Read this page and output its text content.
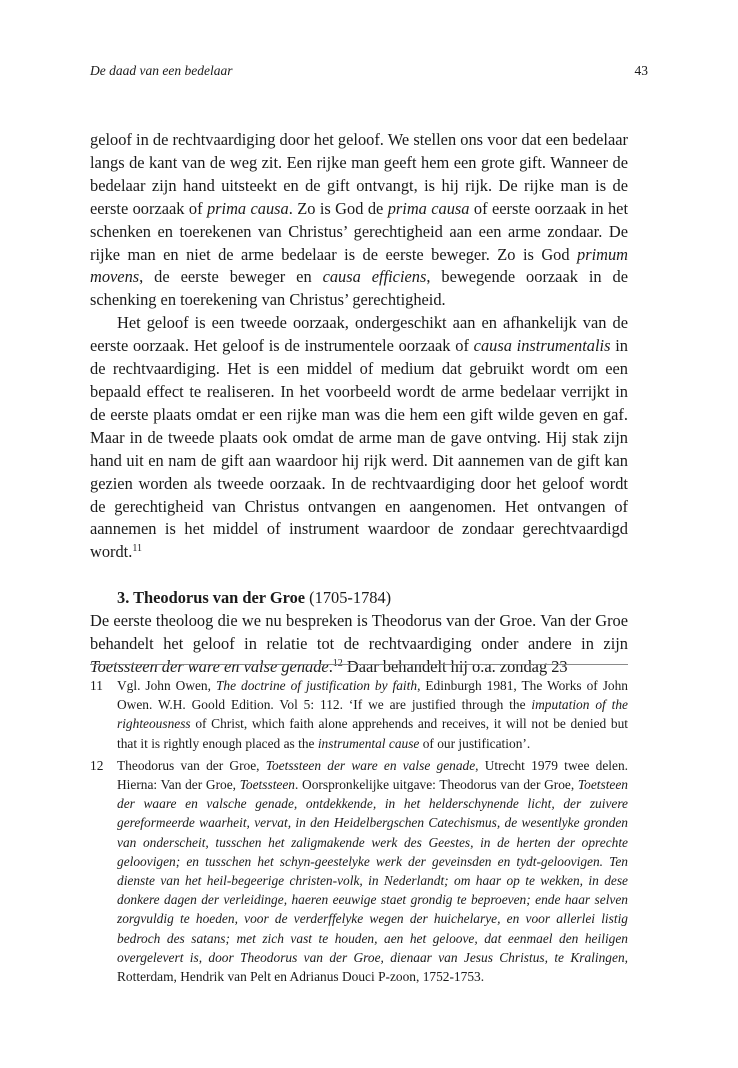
De daad van een bedelaar	43

geloof in de rechtvaardiging door het geloof. We stellen ons voor dat een bedelaar langs de kant van de weg zit. Een rijke man geeft hem een grote gift. Wanneer de bedelaar zijn hand uitsteekt en de gift ontvangt, is hij rijk. De rijke man is de eerste oorzaak of prima causa. Zo is God de prima causa of eerste oorzaak in het schenken en toerekenen van Christus’ gerechtigheid aan een arme zondaar. De rijke man en niet de arme bedelaar is de eerste beweger. Zo is God primum movens, de eerste beweger en causa efficiens, bewegende oorzaak in de schenking en toerekening van Christus’ gerechtigheid.

Het geloof is een tweede oorzaak, ondergeschikt aan en afhankelijk van de eerste oorzaak. Het geloof is de instrumentele oorzaak of causa instrumentalis in de rechtvaardiging. Het is een middel of medium dat gebruikt wordt om een bepaald effect te realiseren. In het voorbeeld wordt de arme bedelaar verrijkt in de eerste plaats omdat er een rijke man was die hem een gift wilde geven en gaf. Maar in de tweede plaats ook omdat de arme man de gave ontving. Hij stak zijn hand uit en nam de gift aan waardoor hij rijk werd. Dit aannemen van de gift kan gezien worden als tweede oorzaak. In de rechtvaardiging door het geloof wordt de gerechtigheid van Christus ontvangen en aangenomen. Het ontvangen of aannemen is het middel of instrument waardoor de zondaar gerechtvaardigd wordt.$^{11}$

3. Theodorus van der Groe (1705-1784)

De eerste theoloog die we nu bespreken is Theodorus van der Groe. Van der Groe behandelt het geloof in relatie tot de rechtvaardiging onder andere in zijn Toetssteen der ware en valse genade.$^{12}$ Daar behandelt hij o.a. zondag 23

11	Vgl. John Owen, The doctrine of justification by faith, Edinburgh 1981, The Works of John Owen. W.H. Goold Edition. Vol 5: 112. ‘If we are justified through the imputation of the righteousness of Christ, which faith alone apprehends and receives, it will not be denied but that it is rightly enough placed as the instrumental cause of our justification’.
12	Theodorus van der Groe, Toetssteen der ware en valse genade, Utrecht 1979 twee delen. Hierna: Van der Groe, Toetssteen. Oorspronkelijke uitgave: Theodorus van der Groe, Toetsteen der waare en valsche genade, ontdekkende, in het helderschynende licht, der zuivere gereformeerde waarheit, vervat, in den Heidelbergschen Catechismus, de wesentlyke gronden van onderscheit, tusschen het zaligmakende werk des Geestes, in de herten der oprechte geloovigen; en tusschen het schyn-geestelyke werk der geveinsden en tydt-geloovigen. Ten dienste van het heil-begeerige christen-volk, in Nederlandt; om haar op te wekken, in dese donkere dagen der verleidinge, haeren eeuwige staet grondig te beproeven; ende haar selven zorgvuldig te hoeden, voor de verderffelyke wegen der huichelarye, en voor allerlei listig bedroch des satans; met zich vast te houden, aen het geloove, dat eenmael den heiligen overgelevert is, door Theodorus van der Groe, dienaar van Jesus Christus, te Kralingen, Rotterdam, Hendrik van Pelt en Adrianus Douci P-zoon, 1752-1753.
